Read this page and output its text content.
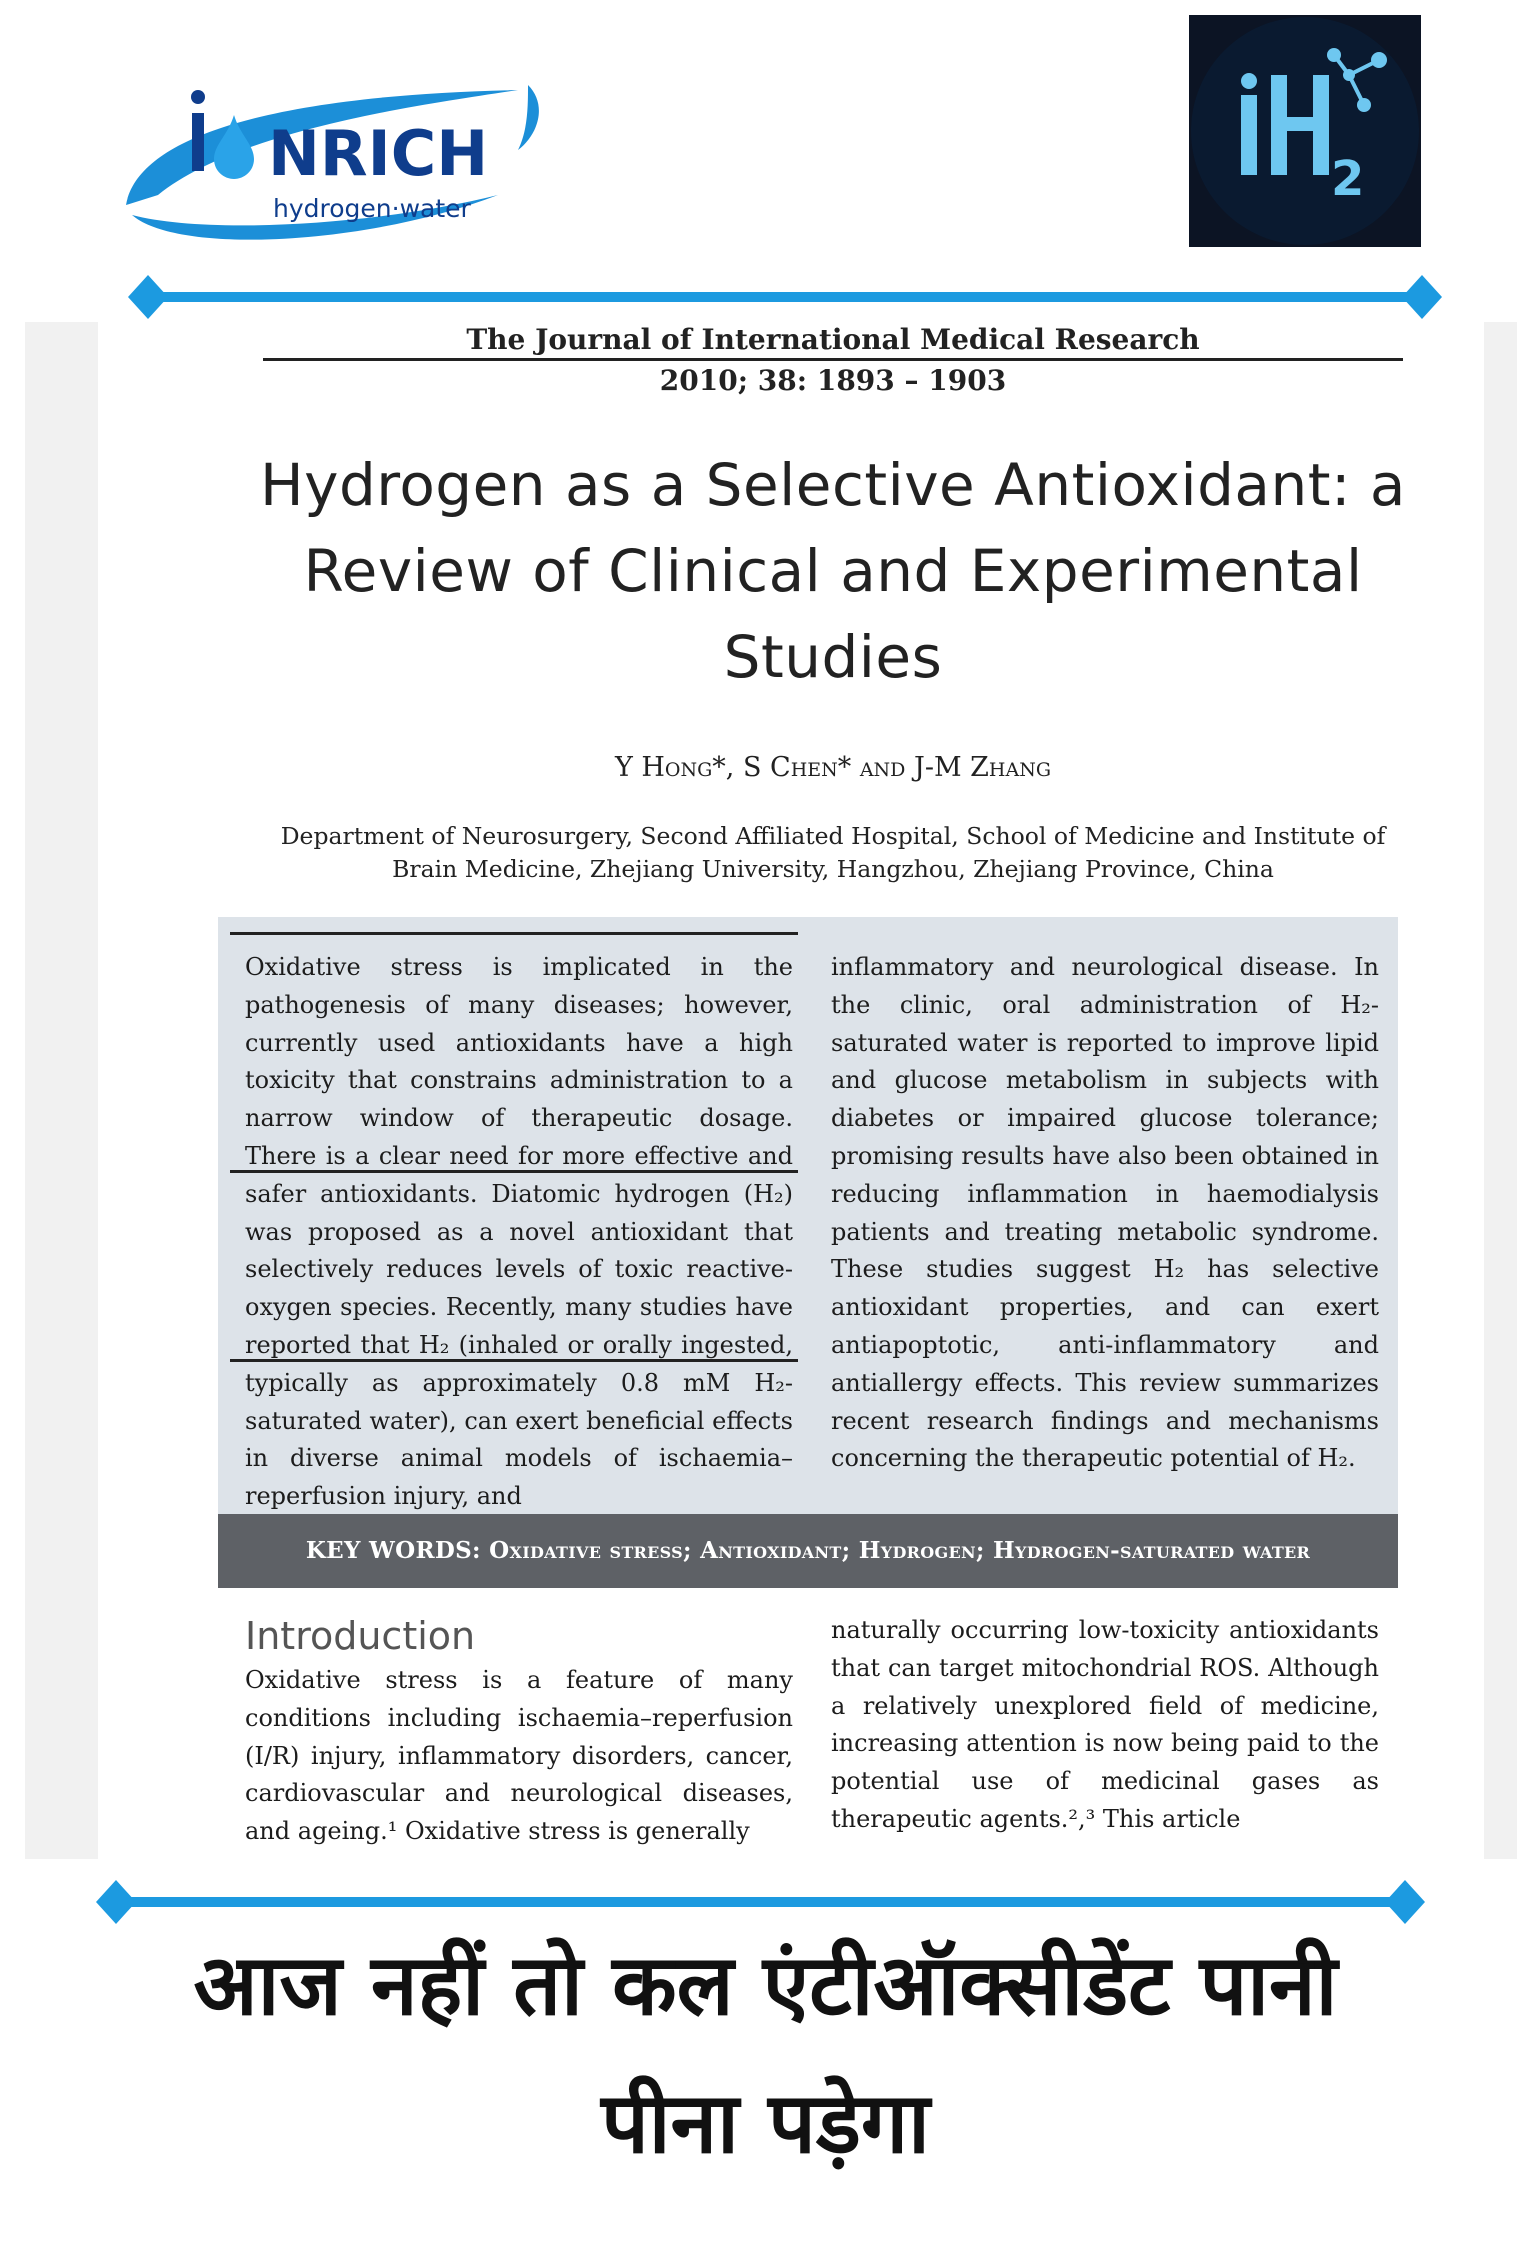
NRICH
hydrogen·water
2
The Journal of International Medical Research
2010; 38: 1893 – 1903
Hydrogen as a Selective Antioxidant: a
Review of Clinical and Experimental
Studies
Y Hong*, S Chen* and J-M Zhang
Department of Neurosurgery, Second Affiliated Hospital, School of Medicine and Institute of
Brain Medicine, Zhejiang University, Hangzhou, Zhejiang Province, China

Oxidative stress is implicated in the pathogenesis of many diseases; however, currently used antioxidants have a high toxicity that constrains administration to a narrow window of therapeutic dosage. There is a clear need for more effective and safer antioxidants. Diatomic hydrogen (H₂) was proposed as a novel antioxidant that selectively reduces levels of toxic reactive-oxygen species. Recently, many studies have reported that H₂ (inhaled or orally ingested, typically as approximately 0.8 mM H₂-saturated water), can exert beneficial effects in diverse animal models of ischaemia–reperfusion injury, and

inflammatory and neurological disease. In the clinic, oral administration of H₂-saturated water is reported to improve lipid and glucose metabolism in subjects with diabetes or impaired glucose tolerance; promising results have also been obtained in reducing inflammation in haemodialysis patients and treating metabolic syndrome. These studies suggest H₂ has selective antioxidant properties, and can exert antiapoptotic, anti-inflammatory and antiallergy effects. This review summarizes recent research findings and mechanisms concerning the therapeutic potential of H₂.

KEY WORDS: Oxidative stress; Antioxidant; Hydrogen; Hydrogen-saturated water
Introduction

Oxidative stress is a feature of many conditions including ischaemia–reperfusion (I/R) injury, inflammatory disorders, cancer, cardiovascular and neurological diseases, and ageing.¹ Oxidative stress is generally

naturally occurring low-toxicity antioxidants that can target mitochondrial ROS. Although a relatively unexplored field of medicine, increasing attention is now being paid to the potential use of medicinal gases as therapeutic agents.²,³ This article

आज नहीं तो कल एंटीऑक्सीडेंट पानी
पीना पड़ेगा
